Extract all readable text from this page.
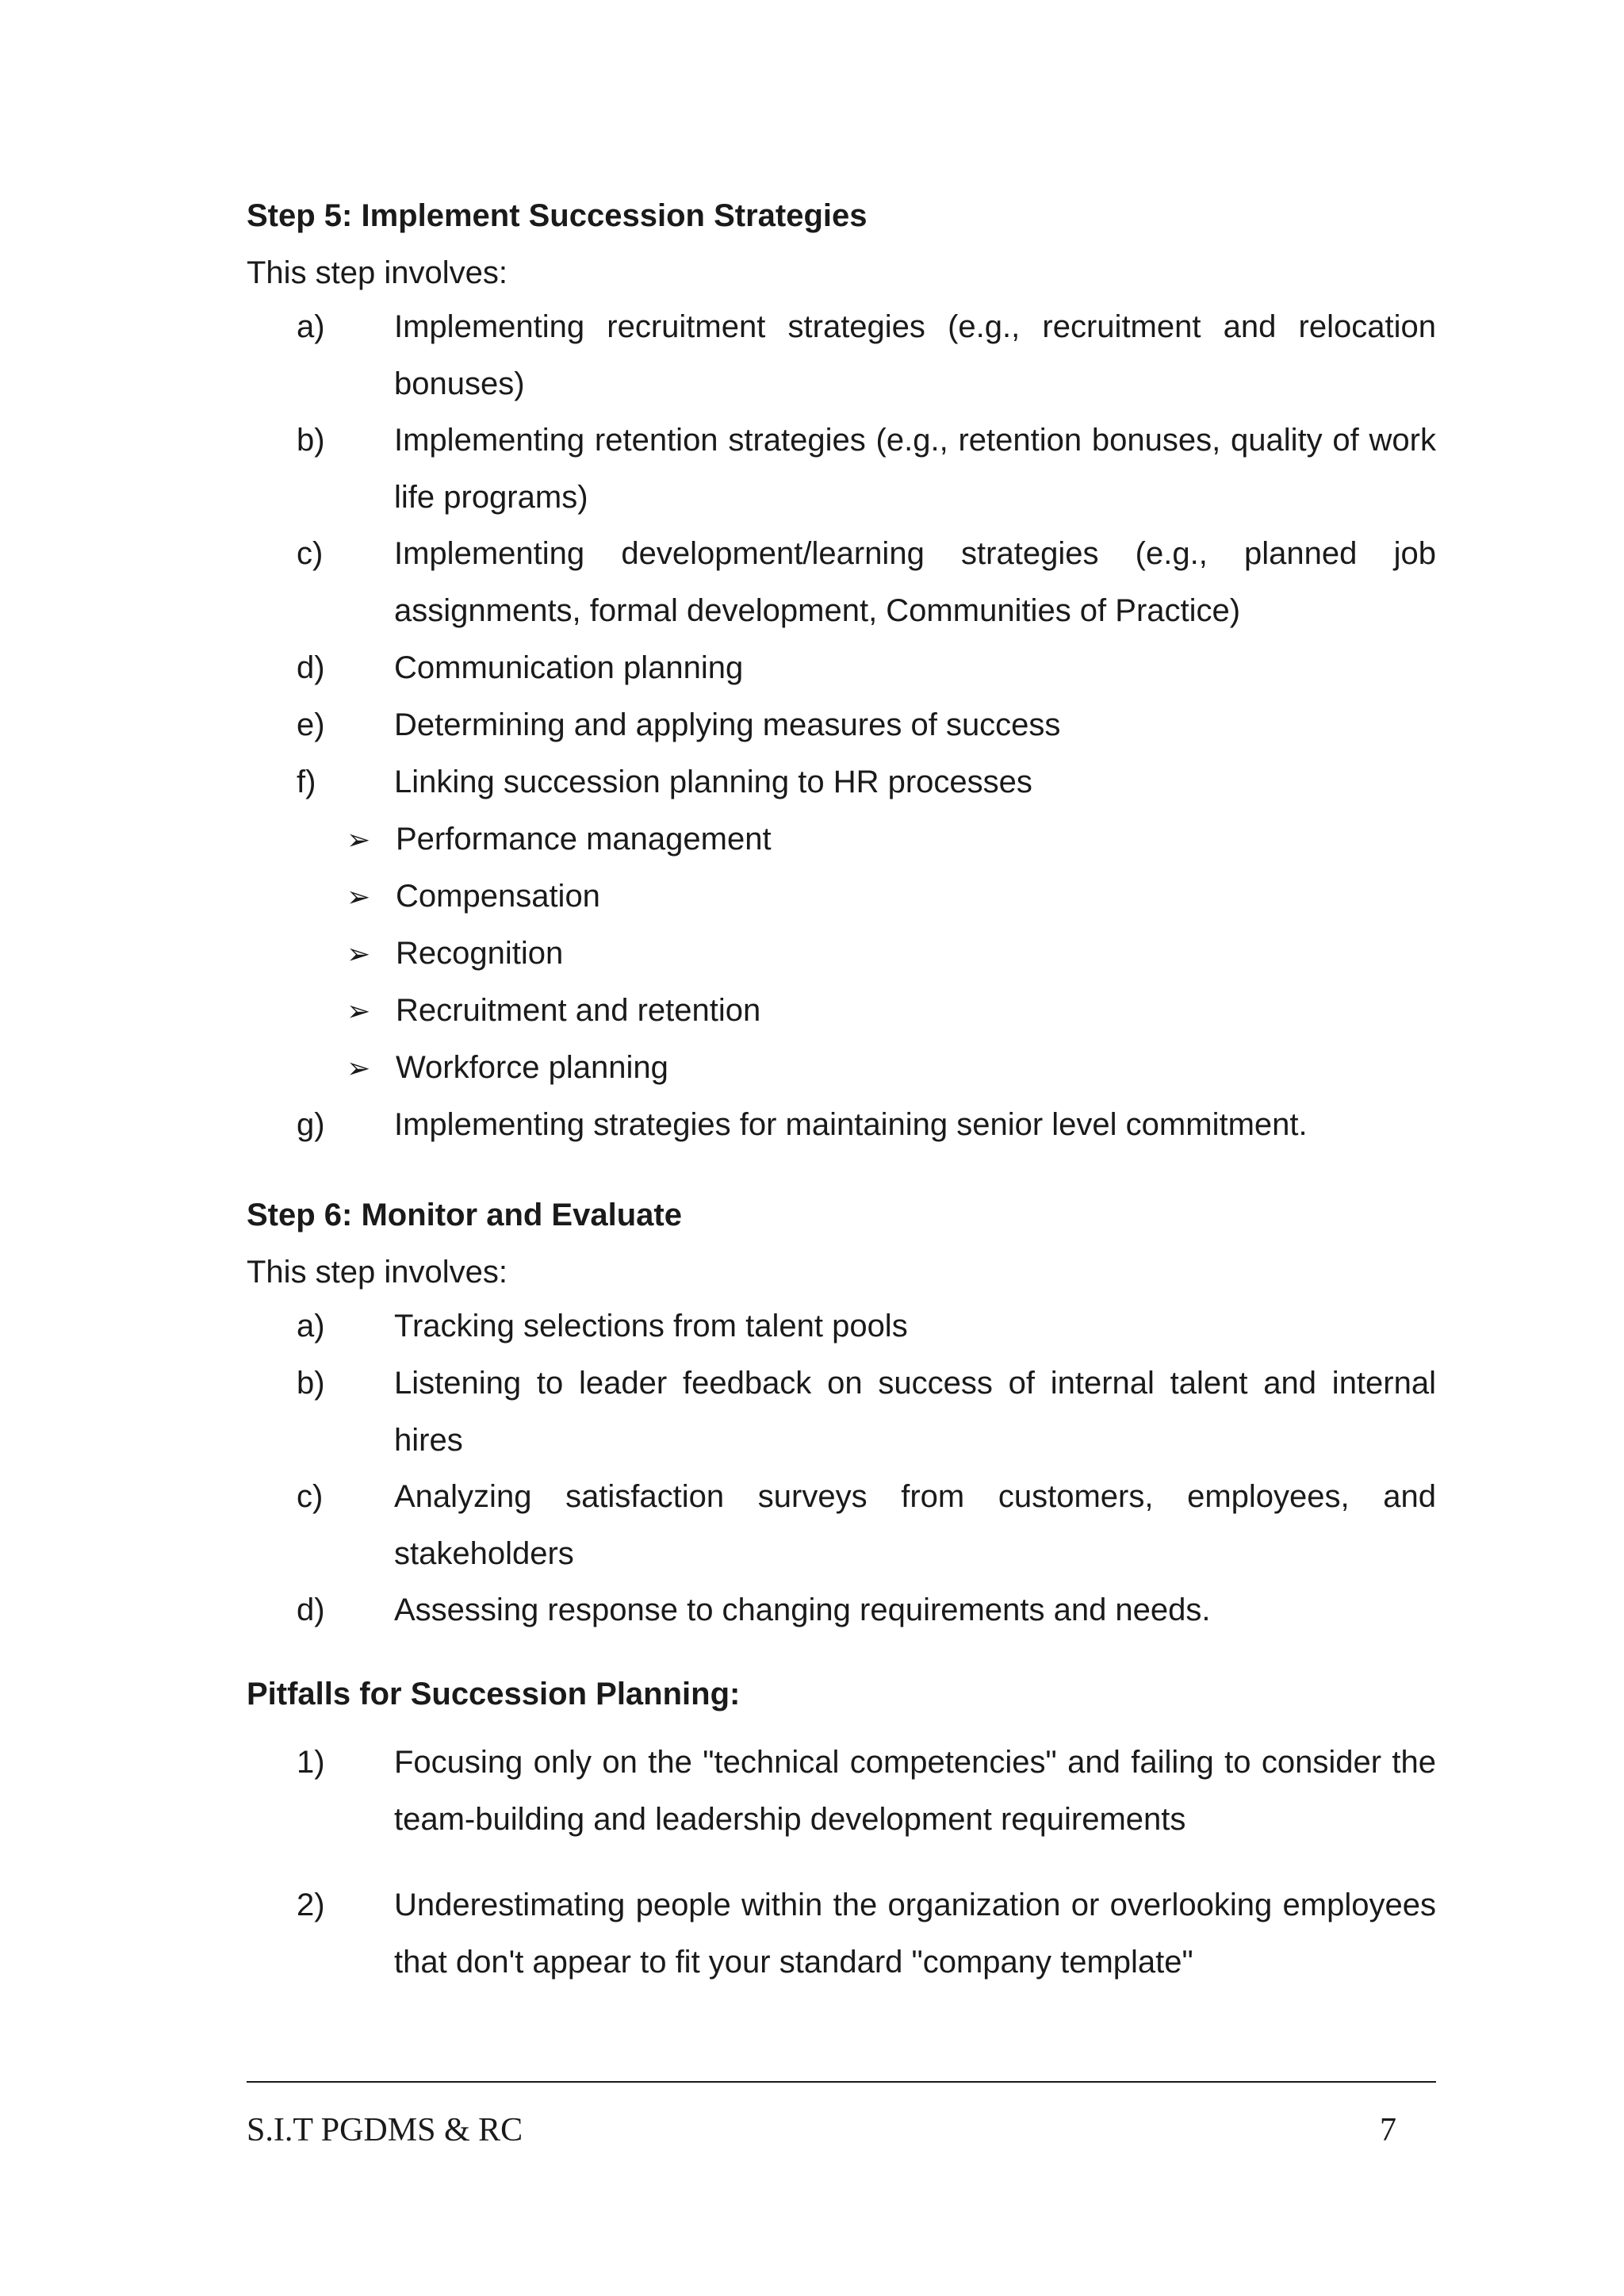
Step 5: Implement Succession Strategies
This step involves:
a) Implementing recruitment strategies (e.g., recruitment and relocation bonuses)
b) Implementing retention strategies (e.g., retention bonuses, quality of work life programs)
c) Implementing development/learning strategies (e.g., planned job assignments, formal development, Communities of Practice)
d) Communication planning
e) Determining and applying measures of success
f) Linking succession planning to HR processes
➢ Performance management
➢ Compensation
➢ Recognition
➢ Recruitment and retention
➢ Workforce planning
g) Implementing strategies for maintaining senior level commitment.
Step 6: Monitor and Evaluate
This step involves:
a) Tracking selections from talent pools
b) Listening to leader feedback on success of internal talent and internal hires
c) Analyzing satisfaction surveys from customers, employees, and stakeholders
d) Assessing response to changing requirements and needs.
Pitfalls for Succession Planning:
1) Focusing only on the "technical competencies" and failing to consider the team-building and leadership development requirements
2) Underestimating people within the organization or overlooking employees that don't appear to fit your standard "company template"
S.I.T PGDMS & RC	7
